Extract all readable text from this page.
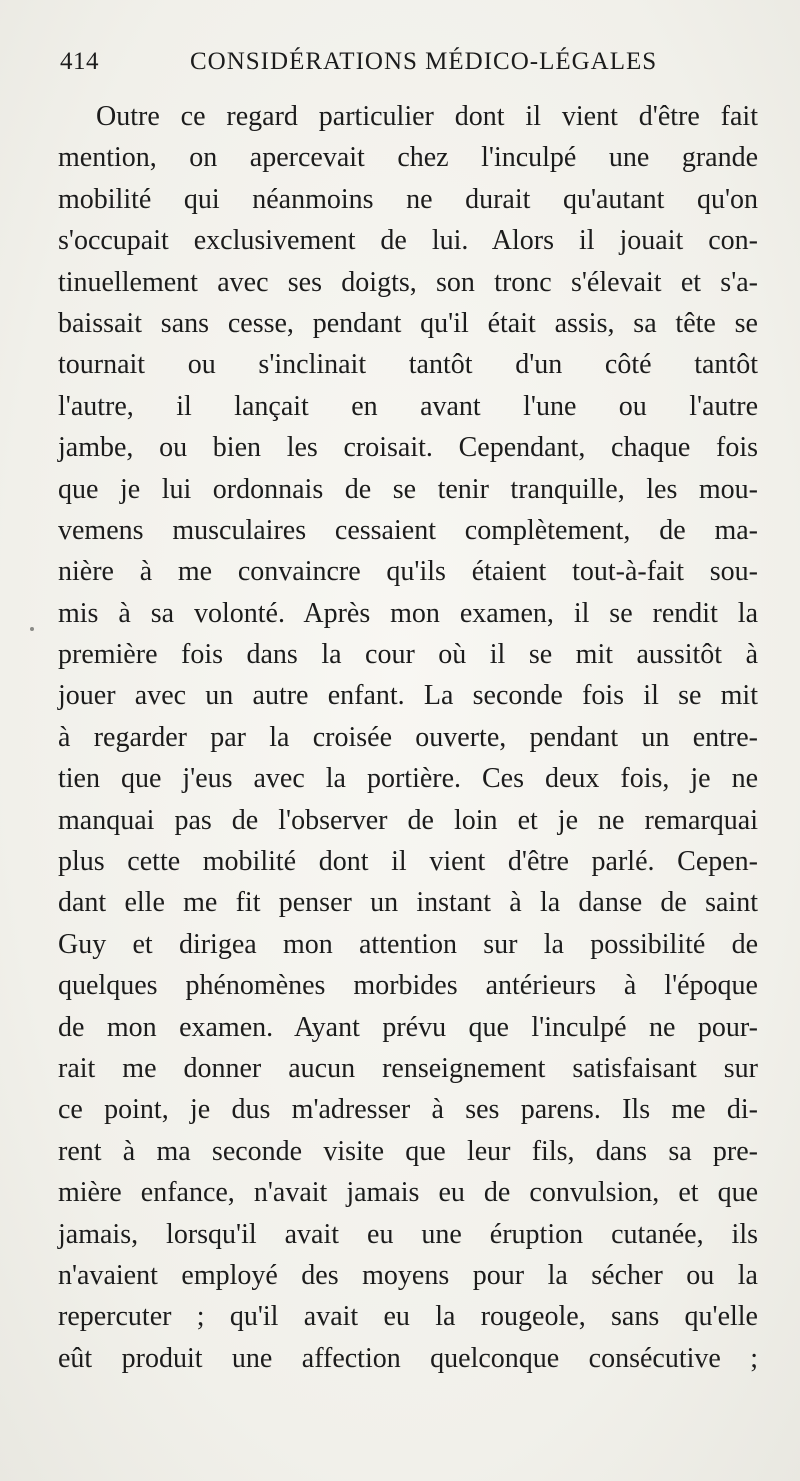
414	CONSIDÉRATIONS MÉDICO-LÉGALES
Outre ce regard particulier dont il vient d'être fait
mention, on apercevait chez l'inculpé une grande
mobilité qui néanmoins ne durait qu'autant qu'on
s'occupait exclusivement de lui. Alors il jouait con-
tinuellement avec ses doigts, son tronc s'élevait et s'a-
baissait sans cesse, pendant qu'il était assis, sa tête se
tournait ou s'inclinait tantôt d'un côté tantôt
l'autre, il lançait en avant l'une ou l'autre
jambe, ou bien les croisait. Cependant, chaque fois
que je lui ordonnais de se tenir tranquille, les mou-
vemens musculaires cessaient complètement, de ma-
nière à me convaincre qu'ils étaient tout-à-fait sou-
mis à sa volonté. Après mon examen, il se rendit la
première fois dans la cour où il se mit aussitôt à
jouer avec un autre enfant. La seconde fois il se mit
à regarder par la croisée ouverte, pendant un entre-
tien que j'eus avec la portière. Ces deux fois, je ne
manquai pas de l'observer de loin et je ne remarquai
plus cette mobilité dont il vient d'être parlé. Cepen-
dant elle me fit penser un instant à la danse de saint
Guy et dirigea mon attention sur la possibilité de
quelques phénomènes morbides antérieurs à l'époque
de mon examen. Ayant prévu que l'inculpé ne pour-
rait me donner aucun renseignement satisfaisant sur
ce point, je dus m'adresser à ses parens. Ils me di-
rent à ma seconde visite que leur fils, dans sa pre-
mière enfance, n'avait jamais eu de convulsion, et que
jamais, lorsqu'il avait eu une éruption cutanée, ils
n'avaient employé des moyens pour la sécher ou la
repercuter ; qu'il avait eu la rougeole, sans qu'elle
eût produit une affection quelconque consécutive ;
